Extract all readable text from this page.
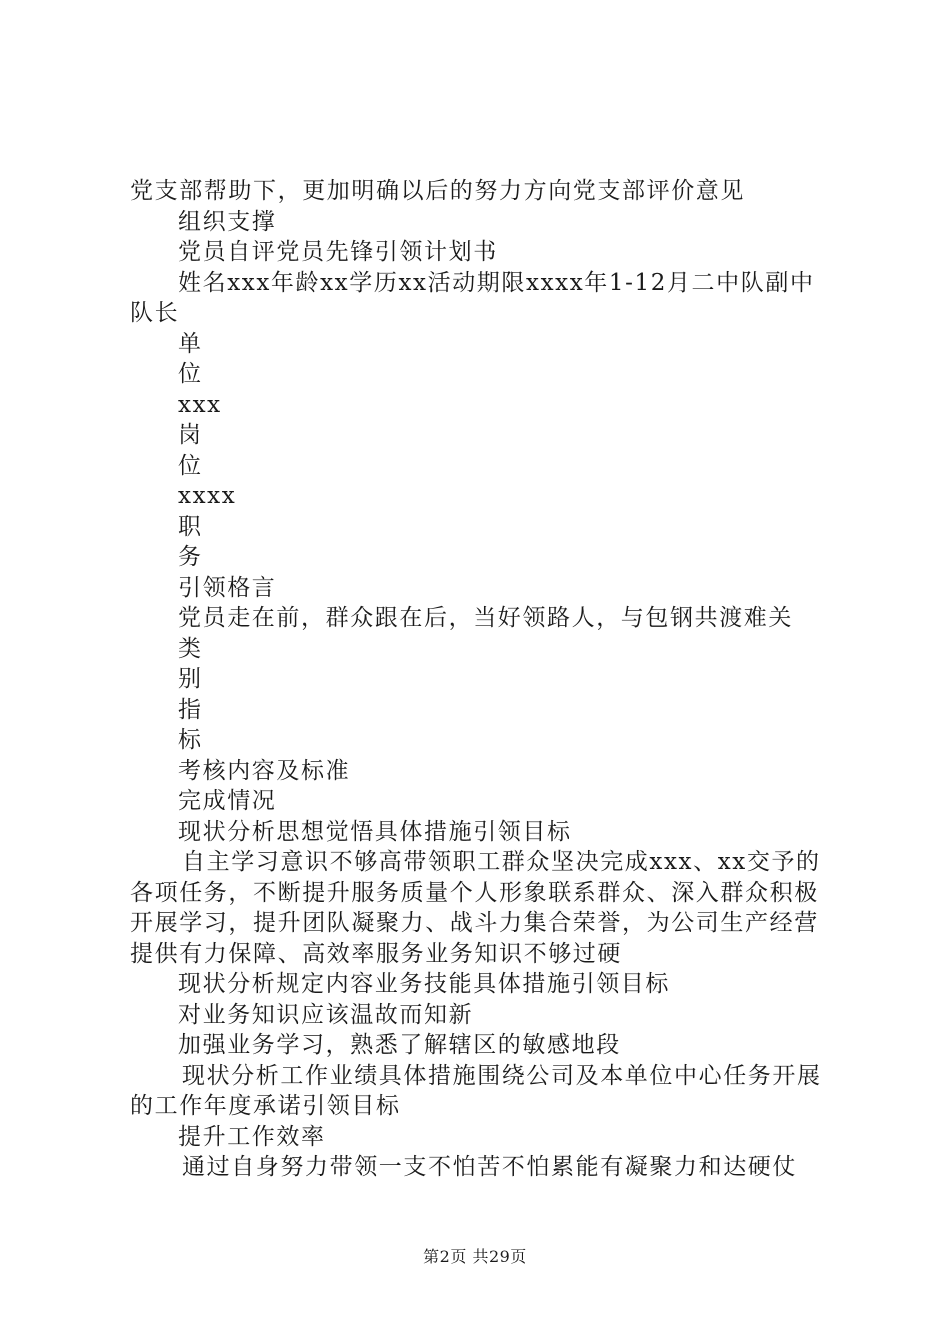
党支部帮助下，更加明确以后的努力方向党支部评价意见

组织支撑

党员自评党员先锋引领计划书

姓名xxx年龄xx学历xx活动期限xxxx年1-12月二中队副中队长

单

位

xxx

岗

位

xxxx

职

务

引领格言

党员走在前，群众跟在后，当好领路人，与包钢共渡难关

类

别

指

标

考核内容及标准

完成情况

现状分析思想觉悟具体措施引领目标

自主学习意识不够高带领职工群众坚决完成xxx、xx交予的各项任务，不断提升服务质量个人形象联系群众、深入群众积极开展学习，提升团队凝聚力、战斗力集合荣誉，为公司生产经营提供有力保障、高效率服务业务知识不够过硬

现状分析规定内容业务技能具体措施引领目标

对业务知识应该温故而知新

加强业务学习，熟悉了解辖区的敏感地段

现状分析工作业绩具体措施围绕公司及本单位中心任务开展的工作年度承诺引领目标

提升工作效率

通过自身努力带领一支不怕苦不怕累能有凝聚力和达硬仗

第2页 共29页
